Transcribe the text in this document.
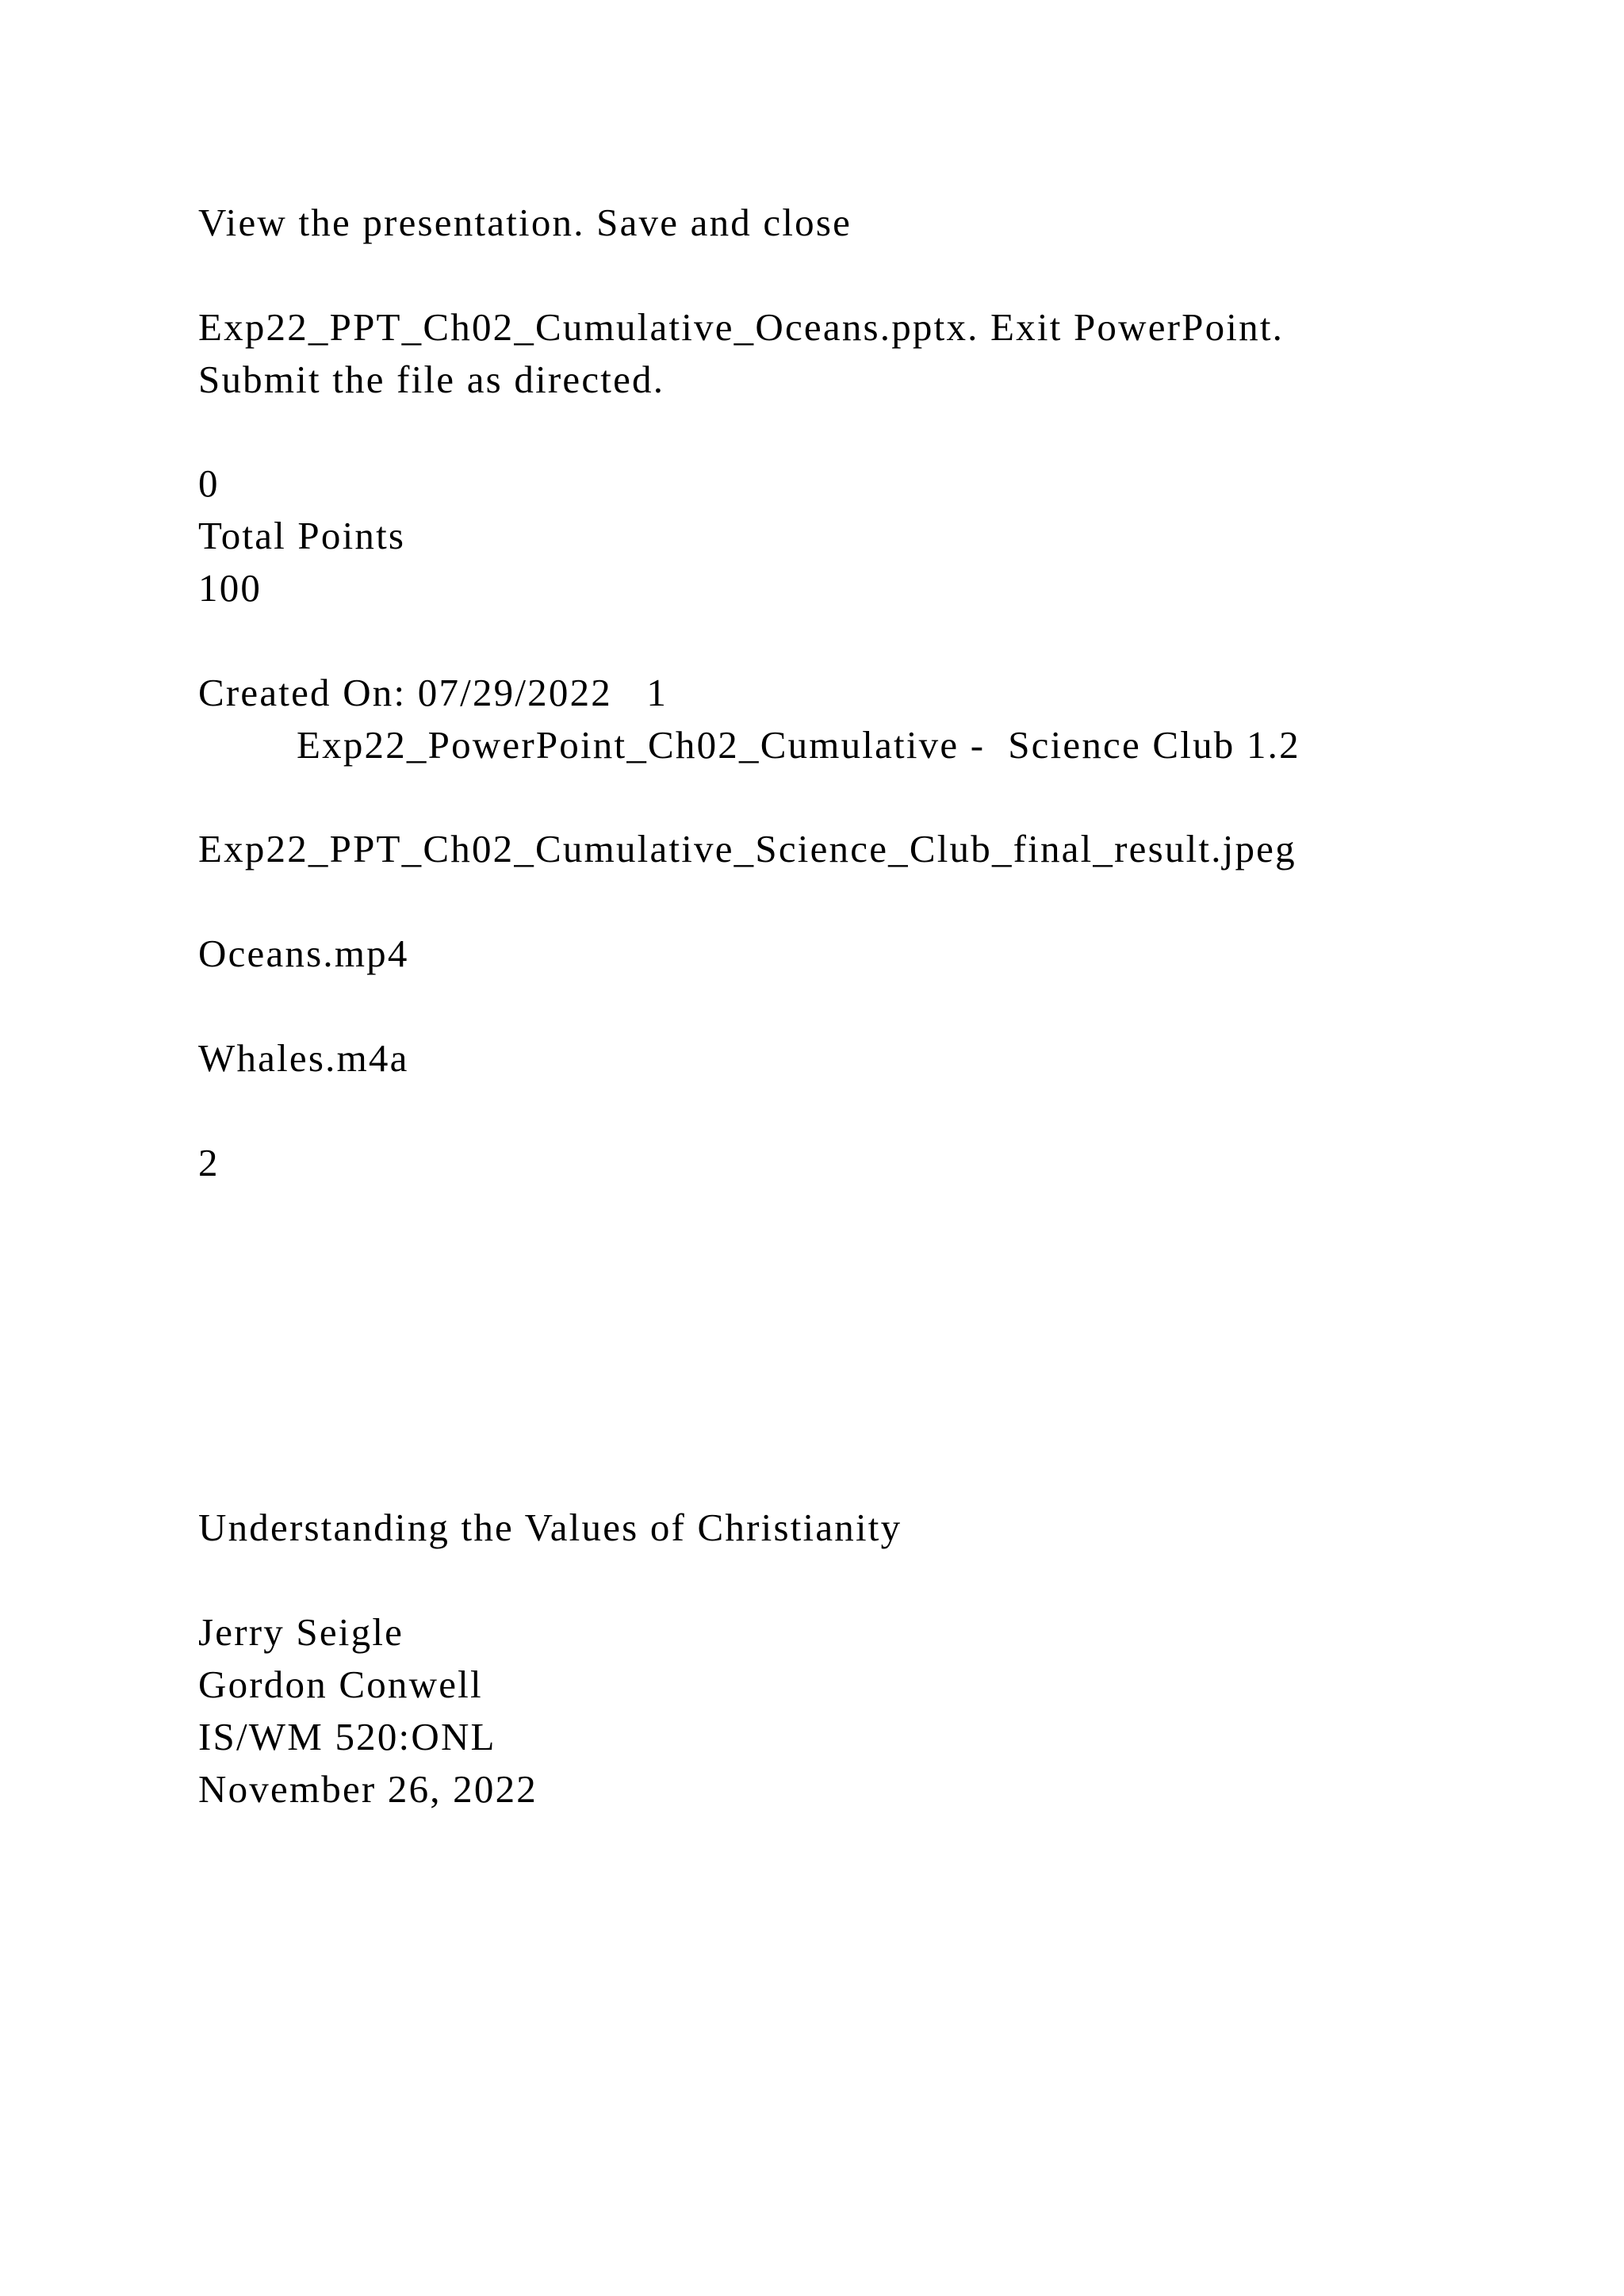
View the presentation. Save and close
Exp22_PPT_Ch02_Cumulative_Oceans.pptx. Exit PowerPoint.
Submit the file as directed.
0
Total Points
100
Created On: 07/29/2022   1
Exp22_PowerPoint_Ch02_Cumulative -  Science Club 1.2
Exp22_PPT_Ch02_Cumulative_Science_Club_final_result.jpeg
Oceans.mp4
Whales.m4a
2
Understanding the Values of Christianity
Jerry Seigle
Gordon Conwell
IS/WM 520:ONL
November 26, 2022
